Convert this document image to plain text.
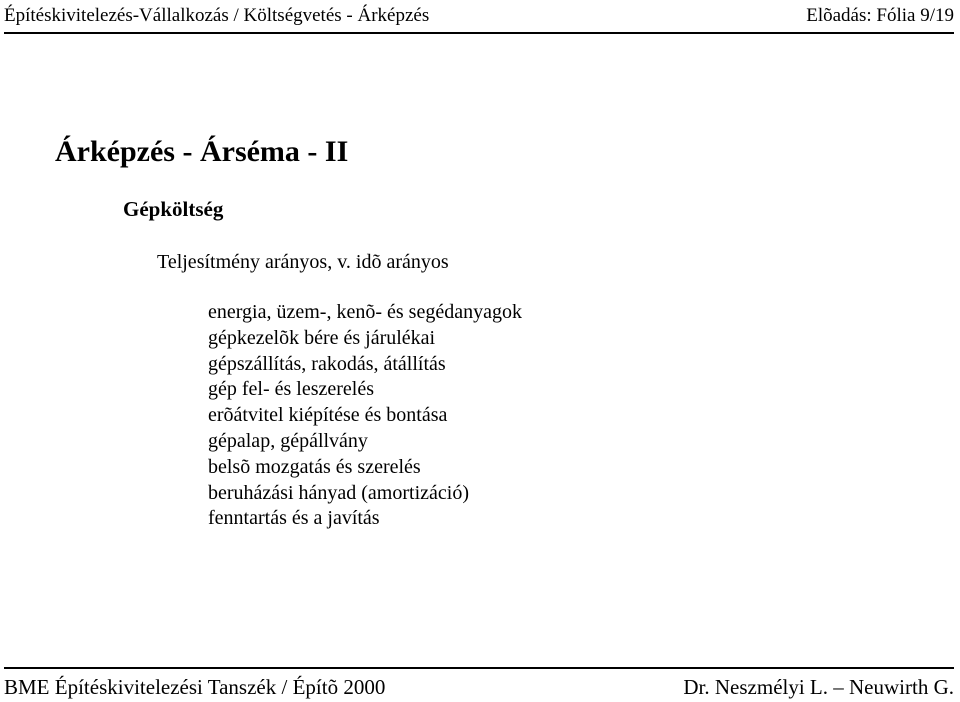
Építéskivitelezés-Vállalkozás / Költségvetés - Árképzés	Elõadás: Fólia 9/19
Árképzés - Árséma - II
Gépköltség
Teljesítmény arányos, v. idõ arányos
energia, üzem-, kenõ- és segédanyagok
gépkezelõk bére és járulékai
gépszállítás, rakodás, átállítás
gép fel- és leszerelés
erõátvitel kiépítése és bontása
gépalap, gépállvány
belsõ mozgatás és szerelés
beruházási hányad (amortizáció)
fenntartás és a javítás
BME Építéskivitelezési Tanszék / Építõ 2000	Dr. Neszmélyi L. – Neuwirth G.
